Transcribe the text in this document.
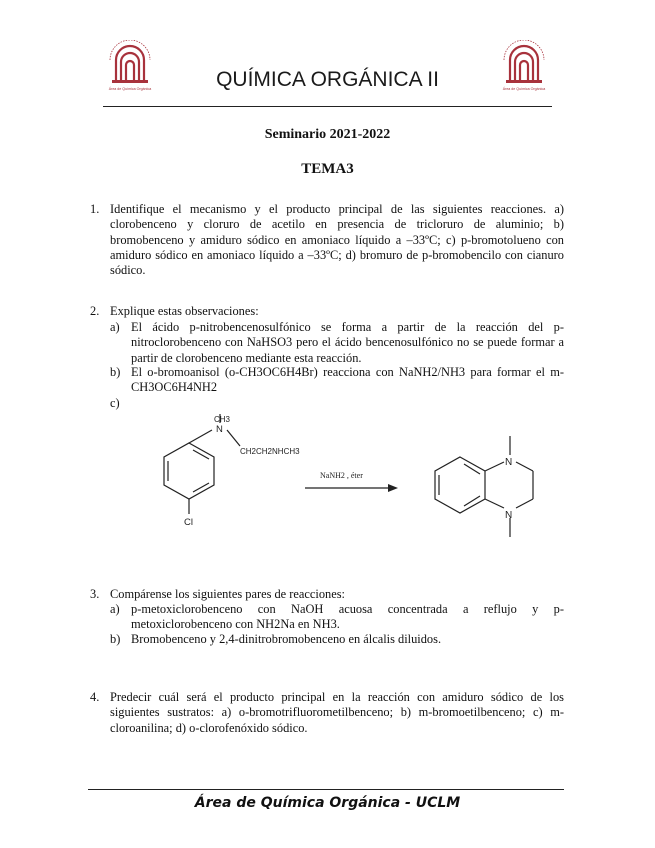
Área de Química Orgánica	Área de Química Orgánica
QUÍMICA ORGÁNICA II
Seminario 2021-2022
TEMA3
1. Identifique el mecanismo y el producto principal de las siguientes reacciones. a)
clorobenceno y cloruro de acetilo en presencia de tricloruro de aluminio; b)
bromobenceno y amiduro sódico en amoniaco líquido a –33ºC; c) p-bromotolueno con
amiduro sódico en amoniaco líquido a –33ºC; d) bromuro de p-bromobencilo con cianuro
sódico.
2. Explique estas observaciones:
a) El ácido p-nitrobencenosulfónico se forma a partir de la reacción del p-
nitroclorobenceno con NaHSO3 pero el ácido bencenosulfónico no se puede formar a
partir de clorobenceno mediante esta reacción.
b) El o-bromoanisol (o-CH3OC6H4Br) reacciona con NaNH2/NH3 para formar el m-
CH3OC6H4NH2
c)
CH3
N
CH2CH2NHCH3
Cl
NaNH2 , éter
N
N
3. Compárense los siguientes pares de reacciones:
a) p-metoxiclorobenceno con NaOH acuosa concentrada a reflujo y p-
metoxiclorobenceno con NH2Na en NH3.
b) Bromobenceno y 2,4-dinitrobromobenceno en álcalis diluidos.
4. Predecir cuál será el producto principal en la reacción con amiduro sódico de los
siguientes sustratos: a) o-bromotrifluorometilbenceno; b) m-bromoetilbenceno; c) m-
cloroanilina; d) o-clorofenóxido sódico.
Área de Química Orgánica - UCLM
